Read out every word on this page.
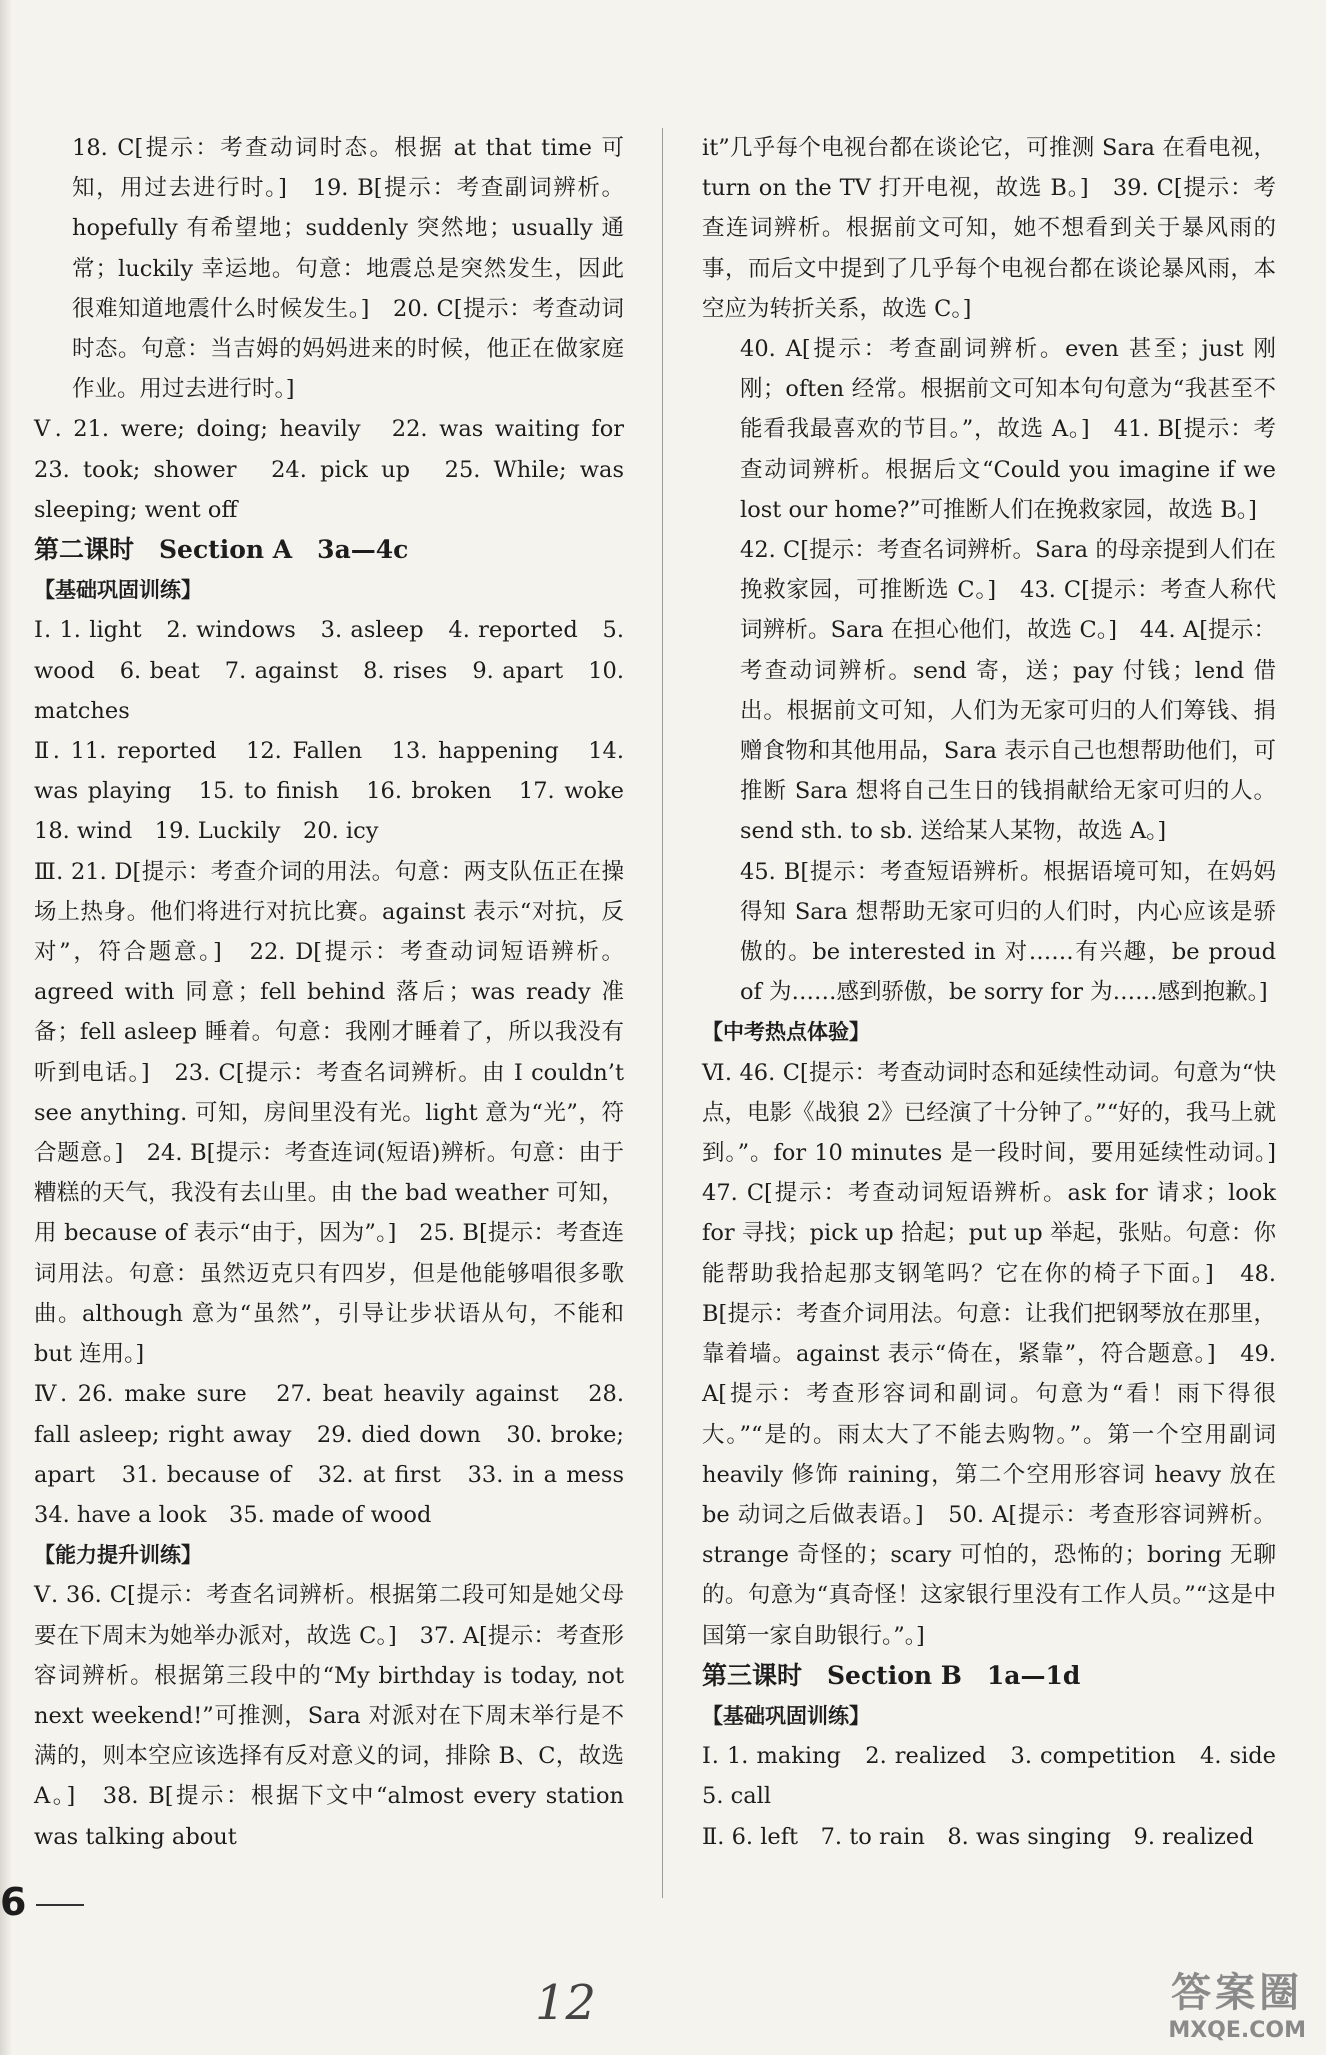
18. C[提示：考查动词时态。根据 at that time 可知，用过去进行时。]　19. B[提示：考查副词辨析。hopefully 有希望地；suddenly 突然地；usually 通常；luckily 幸运地。句意：地震总是突然发生，因此很难知道地震什么时候发生。]　20. C[提示：考查动词时态。句意：当吉姆的妈妈进来的时候，他正在做家庭作业。用过去进行时。]

Ⅴ. 21. were; doing; heavily　22. was waiting for　23. took; shower　24. pick up　25. While; was sleeping; went off

第二课时　Section A　3a—4c

【基础巩固训练】

Ⅰ. 1. light　2. windows　3. asleep　4. reported　5. wood　6. beat　7. against　8. rises　9. apart　10. matches

Ⅱ. 11. reported　12. Fallen　13. happening　14. was playing　15. to finish　16. broken　17. woke　18. wind　19. Luckily　20. icy

Ⅲ. 21. D[提示：考查介词的用法。句意：两支队伍正在操场上热身。他们将进行对抗比赛。against 表示“对抗，反对”，符合题意。]　22. D[提示：考查动词短语辨析。agreed with 同意；fell behind 落后；was ready 准备；fell asleep 睡着。句意：我刚才睡着了，所以我没有听到电话。]　23. C[提示：考查名词辨析。由 I couldn’t see anything. 可知，房间里没有光。light 意为“光”，符合题意。]　24. B[提示：考查连词(短语)辨析。句意：由于糟糕的天气，我没有去山里。由 the bad weather 可知，用 because of 表示“由于，因为”。]　25. B[提示：考查连词用法。句意：虽然迈克只有四岁，但是他能够唱很多歌曲。although 意为“虽然”，引导让步状语从句，不能和 but 连用。]

Ⅳ. 26. make sure　27. beat heavily against　28. fall asleep; right away　29. died down　30. broke; apart　31. because of　32. at first　33. in a mess　34. have a look　35. made of wood

【能力提升训练】

Ⅴ. 36. C[提示：考查名词辨析。根据第二段可知是她父母要在下周末为她举办派对，故选 C。]　37. A[提示：考查形容词辨析。根据第三段中的“My birthday is today, not next weekend!”可推测，Sara 对派对在下周末举行是不满的，则本空应该选择有反对意义的词，排除 B、C，故选 A。]　38. B[提示：根据下文中“almost every station was talking about

it”几乎每个电视台都在谈论它，可推测 Sara 在看电视，turn on the TV 打开电视，故选 B。]　39. C[提示：考查连词辨析。根据前文可知，她不想看到关于暴风雨的事，而后文中提到了几乎每个电视台都在谈论暴风雨，本空应为转折关系，故选 C。]

40. A[提示：考查副词辨析。even 甚至；just 刚刚；often 经常。根据前文可知本句句意为“我甚至不能看我最喜欢的节目。”，故选 A。]　41. B[提示：考查动词辨析。根据后文“Could you imagine if we lost our home?”可推断人们在挽救家园，故选 B。]

42. C[提示：考查名词辨析。Sara 的母亲提到人们在挽救家园，可推断选 C。]　43. C[提示：考查人称代词辨析。Sara 在担心他们，故选 C。]　44. A[提示：考查动词辨析。send 寄，送；pay 付钱；lend 借出。根据前文可知，人们为无家可归的人们筹钱、捐赠食物和其他用品，Sara 表示自己也想帮助他们，可推断 Sara 想将自己生日的钱捐献给无家可归的人。send sth. to sb. 送给某人某物，故选 A。]

45. B[提示：考查短语辨析。根据语境可知，在妈妈得知 Sara 想帮助无家可归的人们时，内心应该是骄傲的。be interested in 对……有兴趣，be proud of 为……感到骄傲，be sorry for 为……感到抱歉。]

【中考热点体验】

Ⅵ. 46. C[提示：考查动词时态和延续性动词。句意为“快点，电影《战狼 2》已经演了十分钟了。”“好的，我马上就到。”。for 10 minutes 是一段时间，要用延续性动词。]　47. C[提示：考查动词短语辨析。ask for 请求；look for 寻找；pick up 拾起；put up 举起，张贴。句意：你能帮助我拾起那支钢笔吗？它在你的椅子下面。]　48. B[提示：考查介词用法。句意：让我们把钢琴放在那里，靠着墙。against 表示“倚在，紧靠”，符合题意。]　49. A[提示：考查形容词和副词。句意为“看！雨下得很大。”“是的。雨太大了不能去购物。”。第一个空用副词 heavily 修饰 raining，第二个空用形容词 heavy 放在 be 动词之后做表语。]　50. A[提示：考查形容词辨析。strange 奇怪的；scary 可怕的，恐怖的；boring 无聊的。句意为“真奇怪！这家银行里没有工作人员。”“这是中国第一家自助银行。”。]

第三课时　Section B　1a—1d

【基础巩固训练】

Ⅰ. 1. making　2. realized　3. competition　4. side　5. call

Ⅱ. 6. left　7. to rain　8. was singing　9. realized

6
12	答案圈
MXQE.COM
